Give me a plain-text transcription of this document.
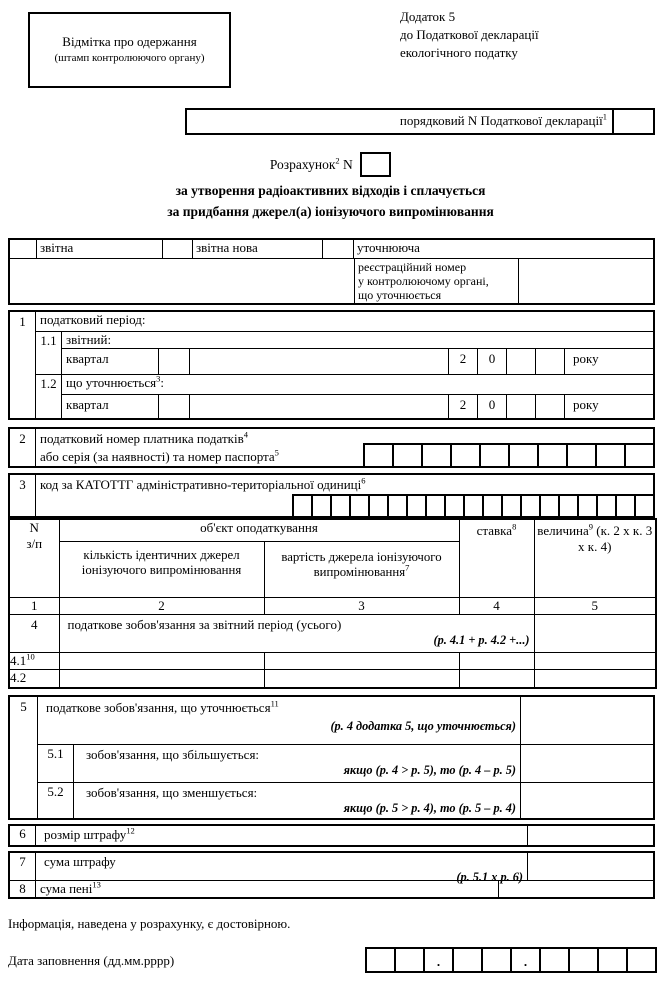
Відмітка про одержання
(штамп контролюючого органу)
Додаток 5
до Податкової декларації
екологічного податку
порядковий N Податкової декларації$^1$
Розрахунок$^2$ N
за утворення радіоактивних відходів і сплачується
за придбання джерел(а) іонізуючого випромінювання
звітна	звітна нова	уточнююча
реєстраційний номер
у контролюючому органі,
що уточнюється
1	податковий період:
1.1 звітний:
квартал	2	0	року
1.2 що уточнюється$^3$:
квартал	2	0	року
2	податковий номер платника податків$^4$
або серія (за наявності) та номер паспорта$^5$
3	код за КАТОТТГ адміністративно-територіальної одиниці$^6$
N
з/п	об'єкт оподаткування		ставка$^8$	величина$^9$ (к. 2 х к. 3 х к. 4)
	кількість ідентичних джерел іонізуючого випромінювання	вартість джерела іонізуючого випромінювання$^7$
1	2	3	4	5
4	податкове зобов'язання за звітний період (усього)
(р. 4.1 + р. 4.2 +...)			

$4.1^{10}$				
4.2				
5	податкове зобов'язання, що уточнюється$^{11}$
(р. 4 додатка 5, що уточнюється)
5.1	зобов'язання, що збільшується:
якщо (р. 4 > р. 5), то (р. 4 – р. 5)
5.2	зобов'язання, що зменшується:
якщо (р. 5 > р. 4), то (р. 5 – р. 4)
6	розмір штрафу$^{12}$
7	сума штрафу
(р. 5.1 х р. 6)
8	сума пені$^{13}$
Інформація, наведена у розрахунку, є достовірною.
Дата заповнення (дд.мм.рррр)	.	.
